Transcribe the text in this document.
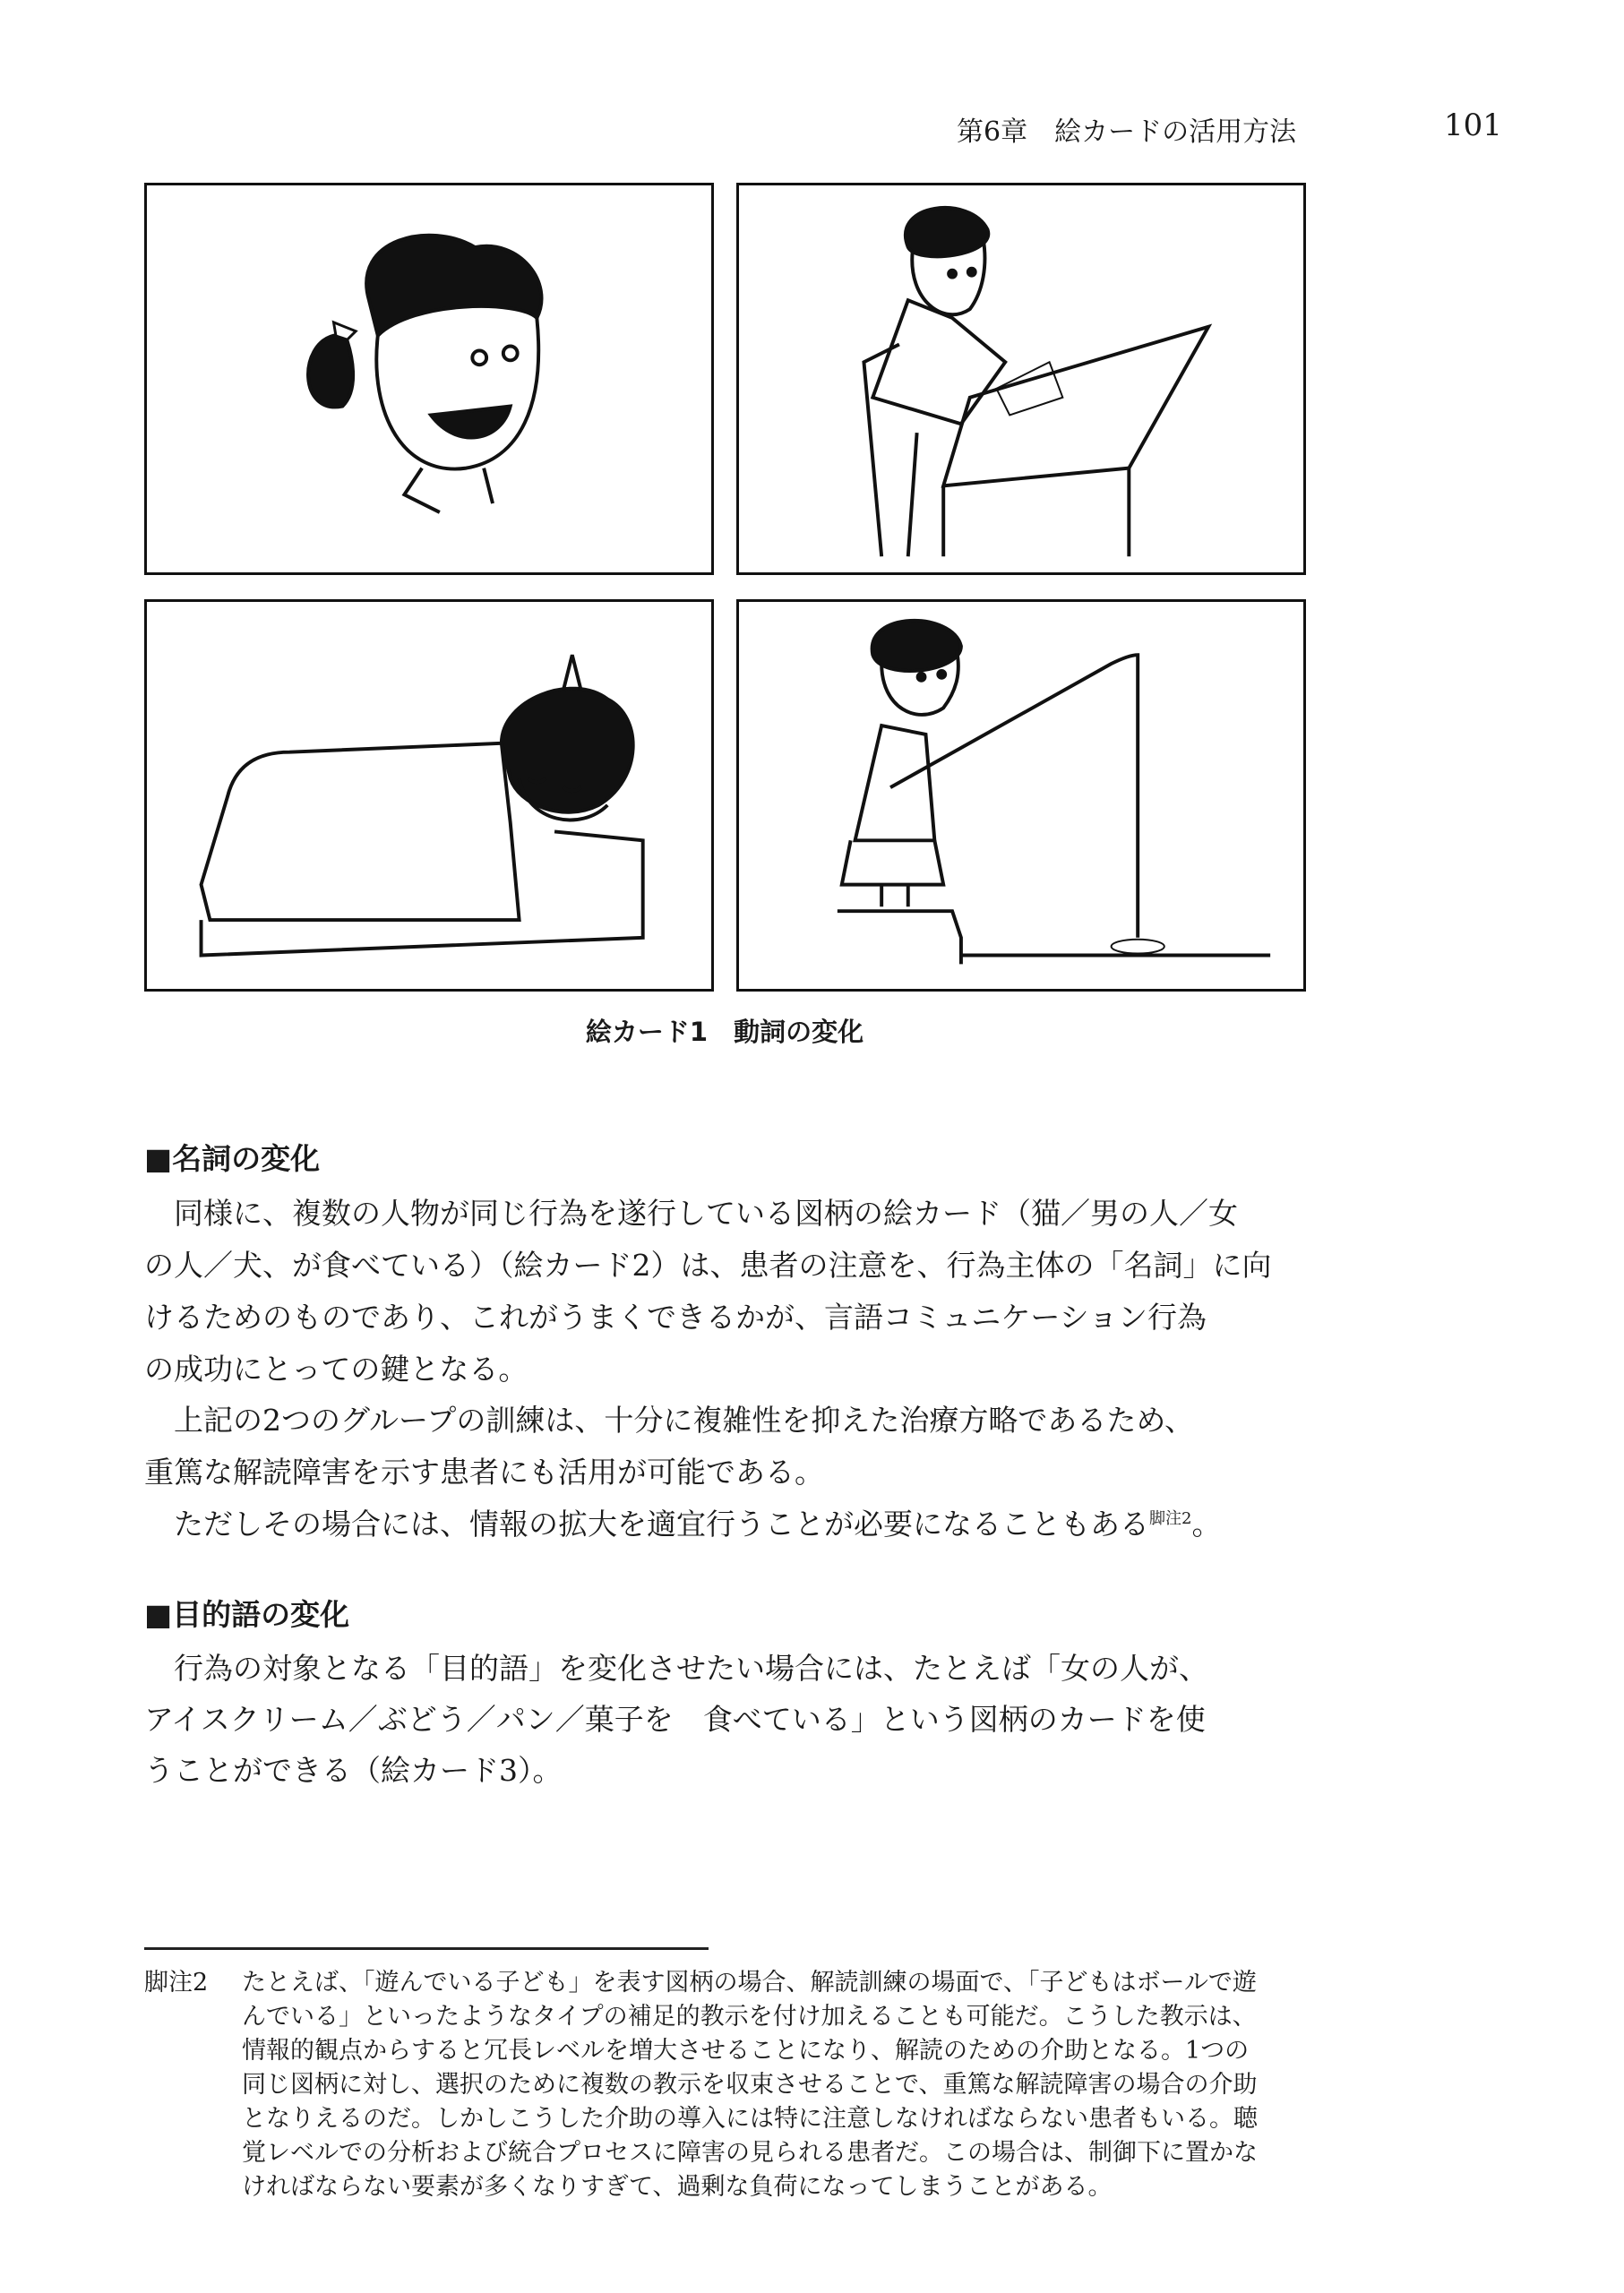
第6章　絵カードの活用方法	101
絵カード1　動詞の変化
■名詞の変化
同様に、複数の人物が同じ行為を遂行している図柄の絵カード（猫／男の人／女
の人／犬、が食べている）（絵カード2）は、患者の注意を、行為主体の「名詞」に向
けるためのものであり、これがうまくできるかが、言語コミュニケーション行為
の成功にとっての鍵となる。
上記の2つのグループの訓練は、十分に複雑性を抑えた治療方略であるため、
重篤な解読障害を示す患者にも活用が可能である。
ただしその場合には、情報の拡大を適宜行うことが必要になることもある$^{脚注2}$。
■目的語の変化
行為の対象となる「目的語」を変化させたい場合には、たとえば「女の人が、
アイスクリーム／ぶどう／パン／菓子を　食べている」という図柄のカードを使
うことができる（絵カード3）。
脚注2 たとえば、「遊んでいる子ども」を表す図柄の場合、解読訓練の場面で、「子どもはボールで遊
んでいる」といったようなタイプの補足的教示を付け加えることも可能だ。こうした教示は、
情報的観点からすると冗長レベルを増大させることになり、解読のための介助となる。1つの
同じ図柄に対し、選択のために複数の教示を収束させることで、重篤な解読障害の場合の介助
となりえるのだ。しかしこうした介助の導入には特に注意しなければならない患者もいる。聴
覚レベルでの分析および統合プロセスに障害の見られる患者だ。この場合は、制御下に置かな
ければならない要素が多くなりすぎて、過剰な負荷になってしまうことがある。
